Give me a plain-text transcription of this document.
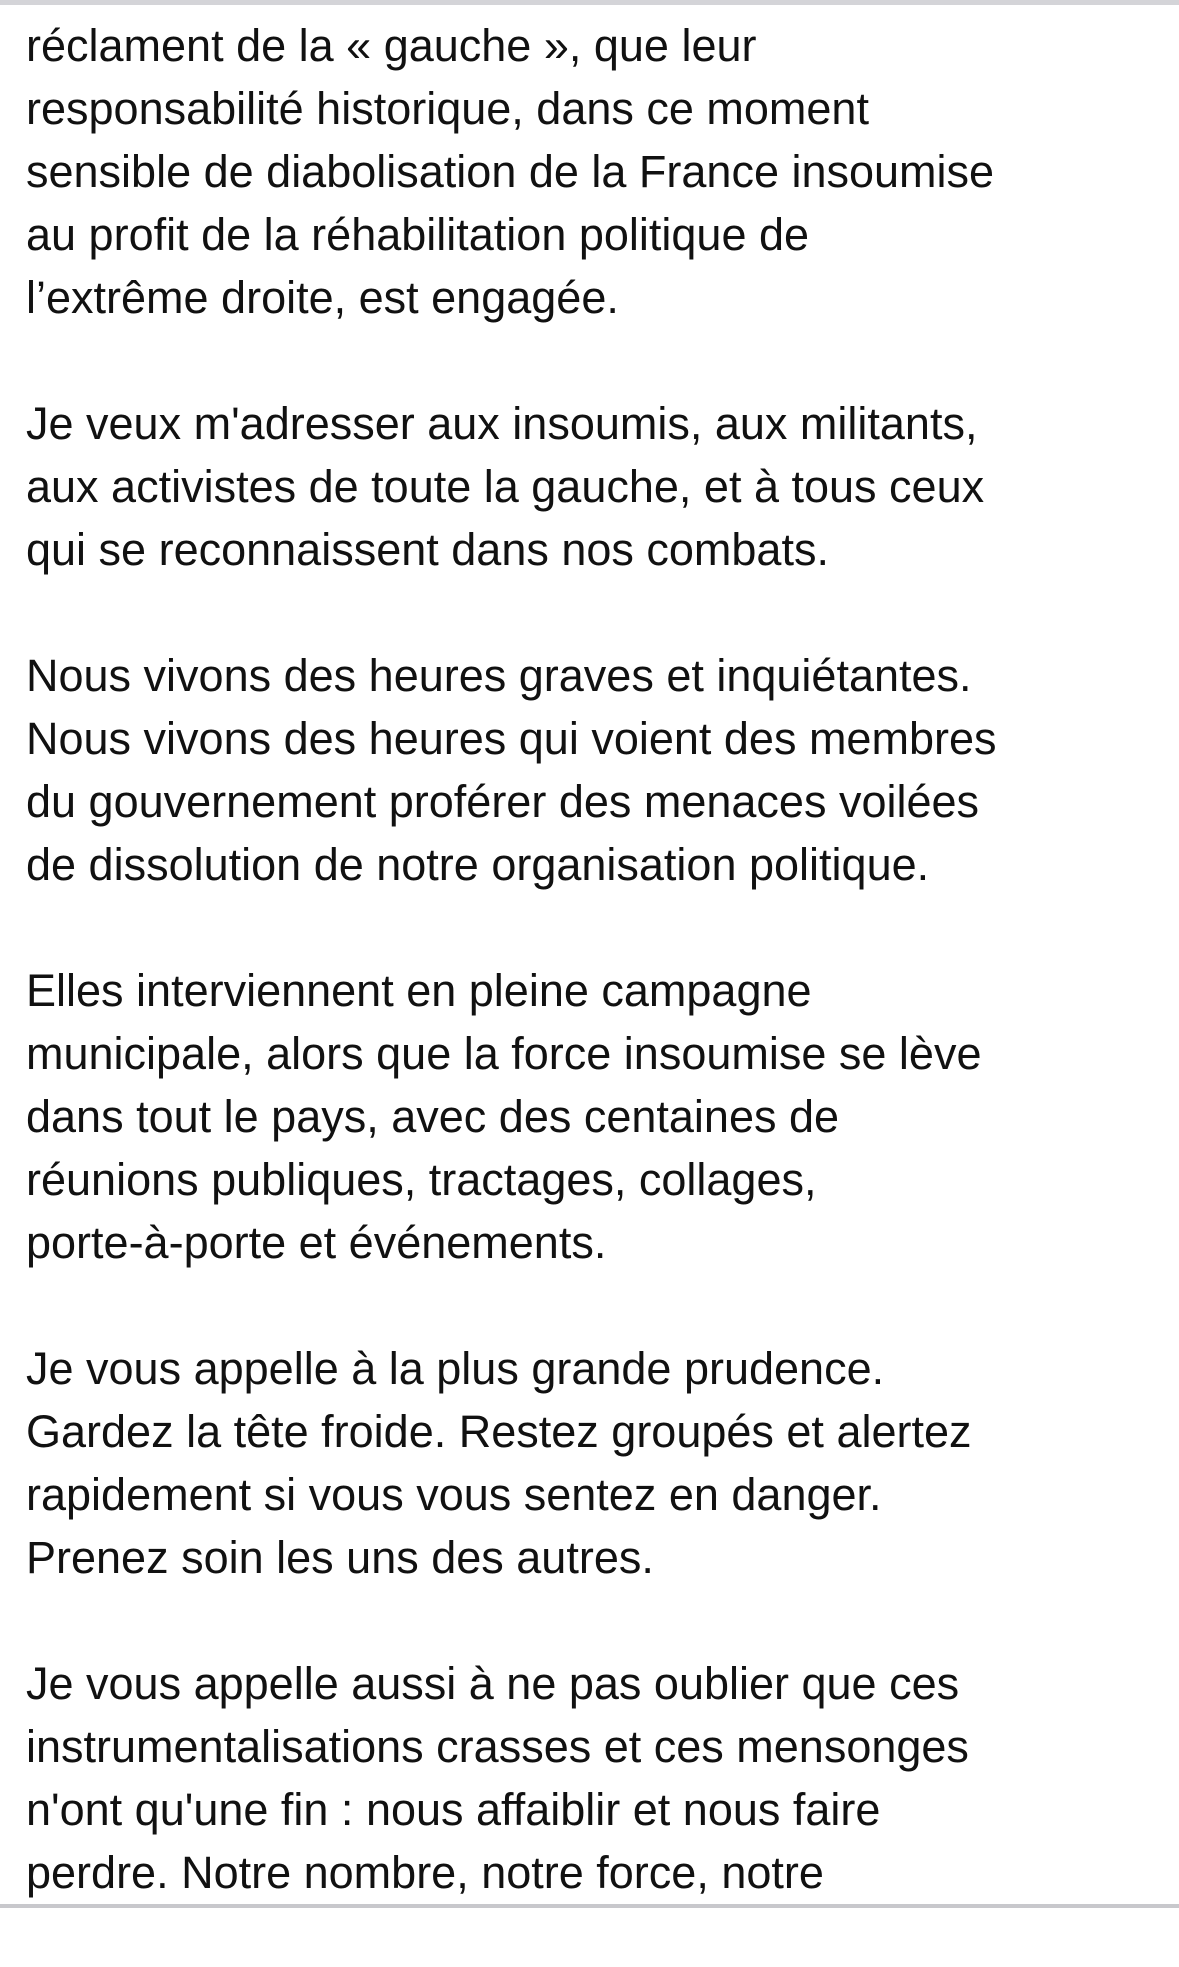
réclament de la « gauche », que leur
responsabilité historique, dans ce moment
sensible de diabolisation de la France insoumise
au profit de la réhabilitation politique de
l’extrême droite, est engagée.

Je veux m'adresser aux insoumis, aux militants,
aux activistes de toute la gauche, et à tous ceux
qui se reconnaissent dans nos combats.

Nous vivons des heures graves et inquiétantes.
Nous vivons des heures qui voient des membres
du gouvernement proférer des menaces voilées
de dissolution de notre organisation politique.

Elles interviennent en pleine campagne
municipale, alors que la force insoumise se lève
dans tout le pays, avec des centaines de
réunions publiques, tractages, collages,
porte-à-porte et événements.

Je vous appelle à la plus grande prudence.
Gardez la tête froide. Restez groupés et alertez
rapidement si vous vous sentez en danger.
Prenez soin les uns des autres.

Je vous appelle aussi à ne pas oublier que ces
instrumentalisations crasses et ces mensonges
n'ont qu'une fin : nous affaiblir et nous faire
perdre. Notre nombre, notre force, notre
